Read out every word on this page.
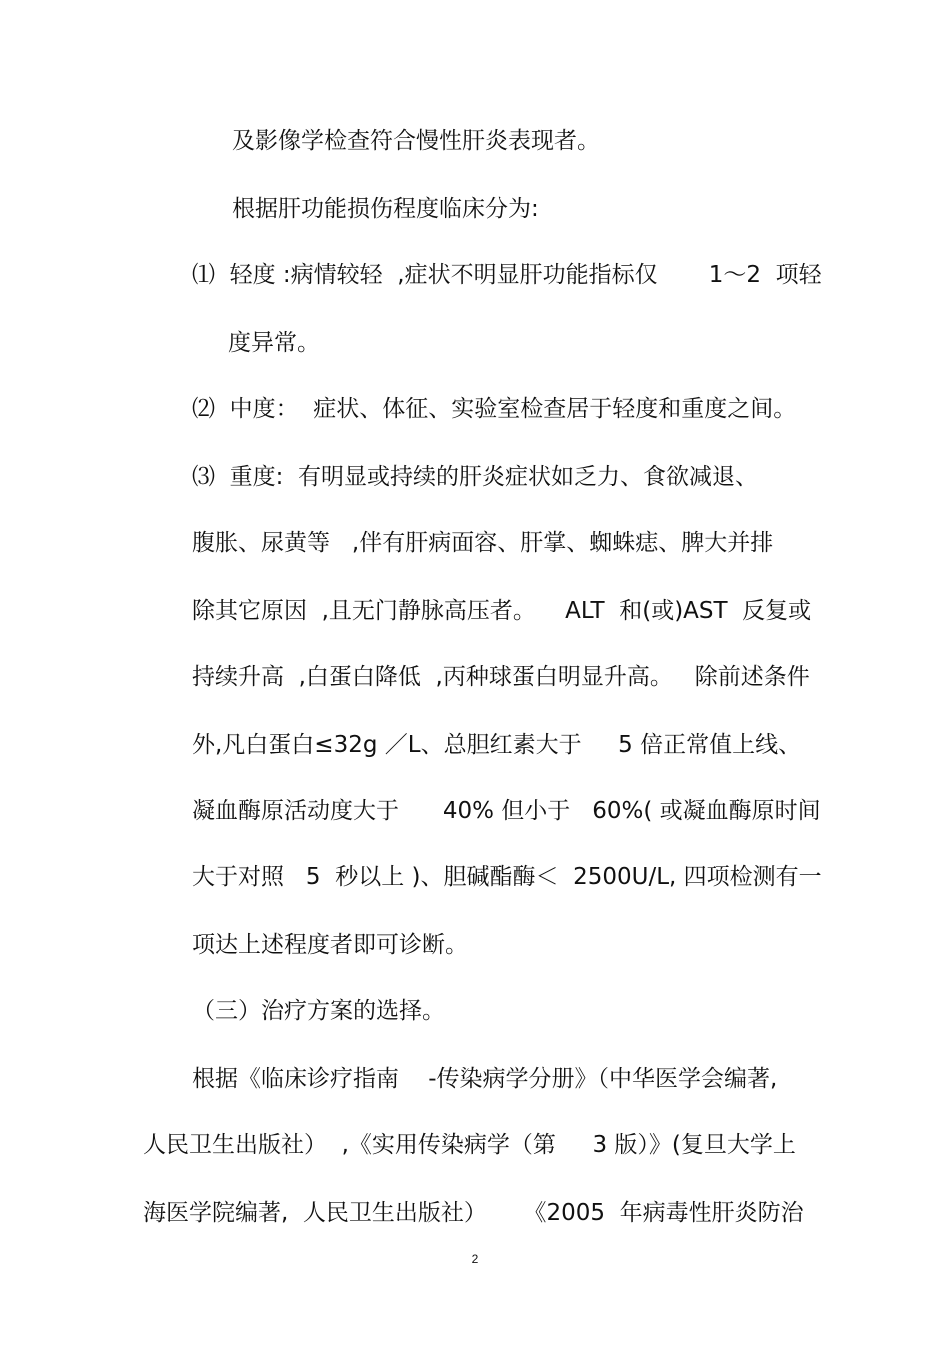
及影像学检查符合慢性肝炎表现者。
根据肝功能损伤程度临床分为:
⑴  轻度 :病情较轻  ,症状不明显肝功能指标仅       1～2  项轻
度异常。
⑵  中度：  症状、体征、实验室检查居于轻度和重度之间。
⑶  重度:  有明显或持续的肝炎症状如乏力、食欲减退、
腹胀、尿黄等   ,伴有肝病面容、肝掌、蜘蛛痣、脾大并排
除其它原因  ,且无门静脉高压者。    ALT  和(或)AST  反复或
持续升高  ,白蛋白降低  ,丙种球蛋白明显升高。   除前述条件
外,凡白蛋白≤32g ／L、总胆红素大于     5 倍正常值上线、
凝血酶原活动度大于      40% 但小于   60%( 或凝血酶原时间
大于对照   5  秒以上 )、胆碱酯酶＜  2500U/L, 四项检测有一
项达上述程度者即可诊断。
（三）治疗方案的选择。
根据《临床诊疗指南    -传染病学分册》（中华医学会编著,
人民卫生出版社）  ,《实用传染病学（第     3 版）》(复旦大学上
海医学院编著,  人民卫生出版社）     《2005  年病毒性肝炎防治
2
